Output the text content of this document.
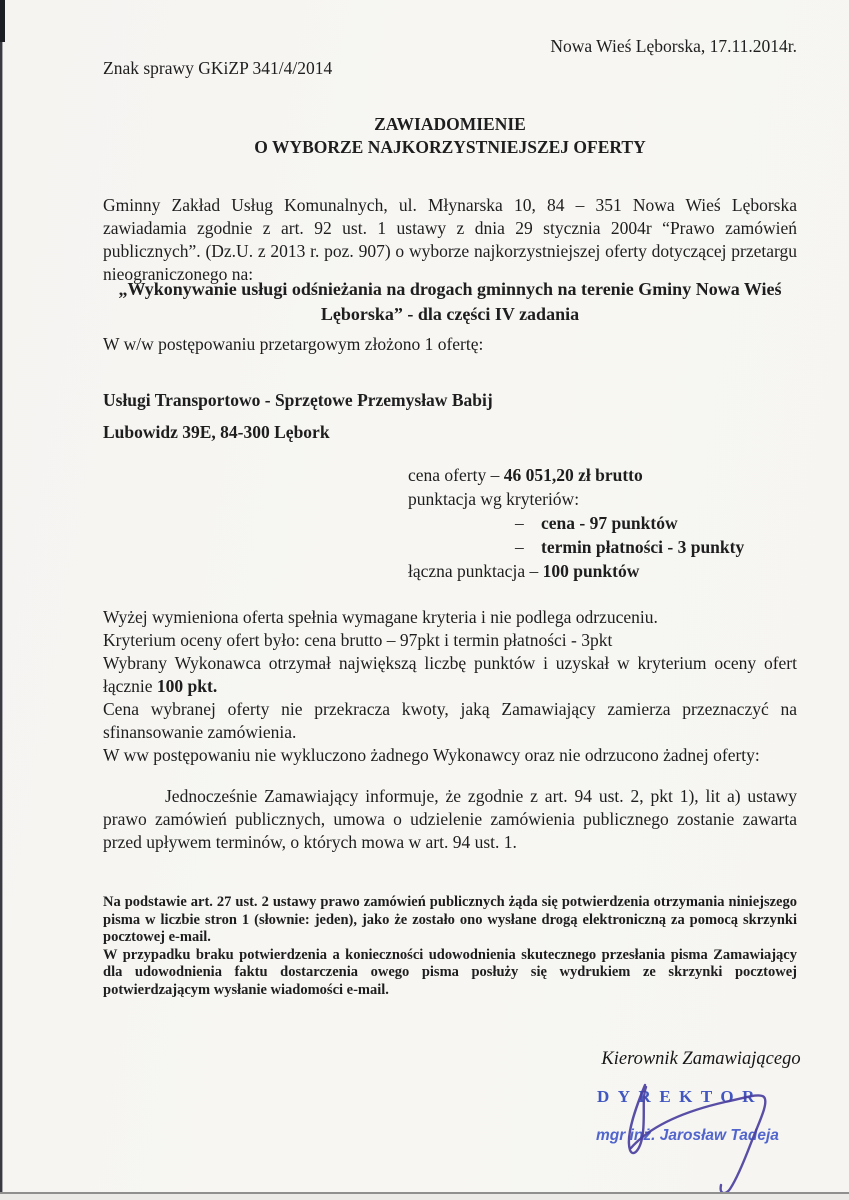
Nowa Wieś Lęborska, 17.11.2014r.
Znak sprawy GKiZP 341/4/2014
ZAWIADOMIENIE
O WYBORZE NAJKORZYSTNIEJSZEJ OFERTY

Gminny Zakład Usług Komunalnych, ul. Młynarska 10, 84 – 351 Nowa Wieś Lęborska zawiadamia zgodnie z art. 92 ust. 1 ustawy z dnia 29 stycznia 2004r “Prawo zamówień publicznych”. (Dz.U. z 2013 r. poz. 907) o wyborze najkorzystniejszej oferty dotyczącej przetargu nieograniczonego na:

„Wykonywanie usługi odśnieżania na drogach gminnych na terenie Gminy Nowa Wieś
Lęborska” - dla części IV zadania
W w/w postępowaniu przetargowym złożono 1 ofertę:
Usługi Transportowo - Sprzętowe Przemysław Babij
Lubowidz 39E, 84-300 Lębork
cena oferty – 46 051,20 zł brutto
punktacja wg kryteriów:
– cena - 97 punktów
– termin płatności - 3 punkty
łączna punktacja – 100 punktów

Wyżej wymieniona oferta spełnia wymagane kryteria i nie podlega odrzuceniu.

Kryterium oceny ofert było: cena brutto – 97pkt i termin płatności - 3pkt

Wybrany Wykonawca otrzymał największą liczbę punktów i uzyskał w kryterium oceny ofert łącznie 100 pkt.

Cena wybranej oferty nie przekracza kwoty, jaką Zamawiający zamierza przeznaczyć na sfinansowanie zamówienia.

W ww postępowaniu nie wykluczono żadnego Wykonawcy oraz nie odrzucono żadnej oferty:

Jednocześnie Zamawiający informuje, że zgodnie z art. 94 ust. 2, pkt 1), lit a) ustawy prawo zamówień publicznych, umowa o udzielenie zamówienia publicznego zostanie zawarta przed upływem terminów, o których mowa w art. 94 ust. 1.

Na podstawie art. 27 ust. 2 ustawy prawo zamówień publicznych żąda się potwierdzenia otrzymania niniejszego pisma w liczbie stron 1 (słownie: jeden), jako że zostało ono wysłane drogą elektroniczną za pomocą skrzynki pocztowej e-mail.

W przypadku braku potwierdzenia a konieczności udowodnienia skutecznego przesłania pisma Zamawiający dla udowodnienia faktu dostarczenia owego pisma posłuży się wydrukiem ze skrzynki pocztowej potwierdzającym wysłanie wiadomości e-mail.

Kierownik Zamawiającego
DYREKTOR
mgr inż. Jarosław Tadeja
